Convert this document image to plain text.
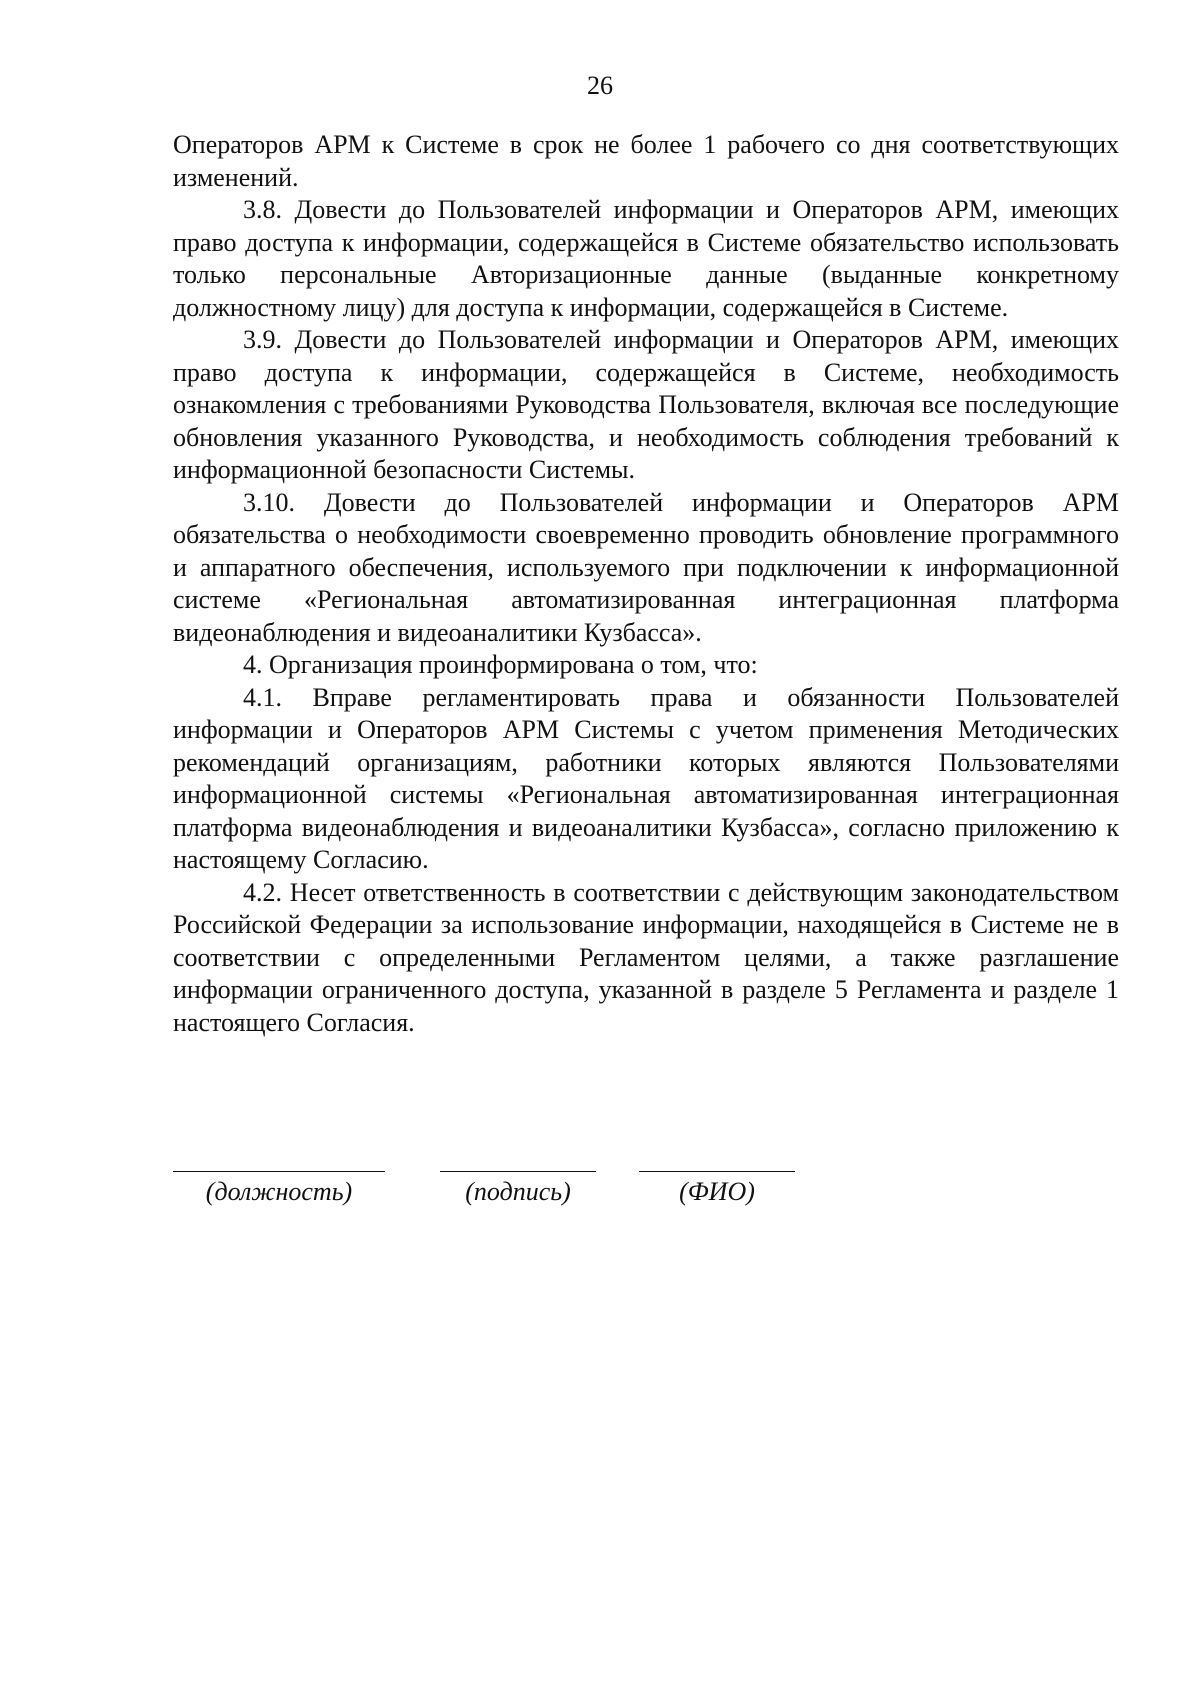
26

Операторов АРМ к Системе в срок не более 1 рабочего со дня соответствующих изменений.

3.8. Довести до Пользователей информации и Операторов АРМ, имеющих право доступа к информации, содержащейся в Системе обязательство использовать только персональные Авторизационные данные (выданные конкретному должностному лицу) для доступа к информации, содержащейся в Системе.

3.9. Довести до Пользователей информации и Операторов АРМ, имеющих право доступа к информации, содержащейся в Системе, необходимость ознакомления с требованиями Руководства Пользователя, включая все последующие обновления указанного Руководства, и необходимость соблюдения требований к информационной безопасности Системы.

3.10. Довести до Пользователей информации и Операторов АРМ обязательства о необходимости своевременно проводить обновление программного и аппаратного обеспечения, используемого при подключении к информационной системе «Региональная автоматизированная интеграционная платформа видеонаблюдения и видеоаналитики Кузбасса».

4. Организация проинформирована о том, что:

4.1. Вправе регламентировать права и обязанности Пользователей информации и Операторов АРМ Системы с учетом применения Методических рекомендаций организациям, работники которых являются Пользователями информационной системы «Региональная автоматизированная интеграционная платформа видеонаблюдения и видеоаналитики Кузбасса», согласно приложению к настоящему Согласию.

4.2. Несет ответственность в соответствии с действующим законодательством Российской Федерации за использование информации, находящейся в Системе не в соответствии с определенными Регламентом целями, а также разглашение информации ограниченного доступа, указанной в разделе 5 Регламента и разделе 1 настоящего Согласия.

(должность)	(подпись)	(ФИО)
